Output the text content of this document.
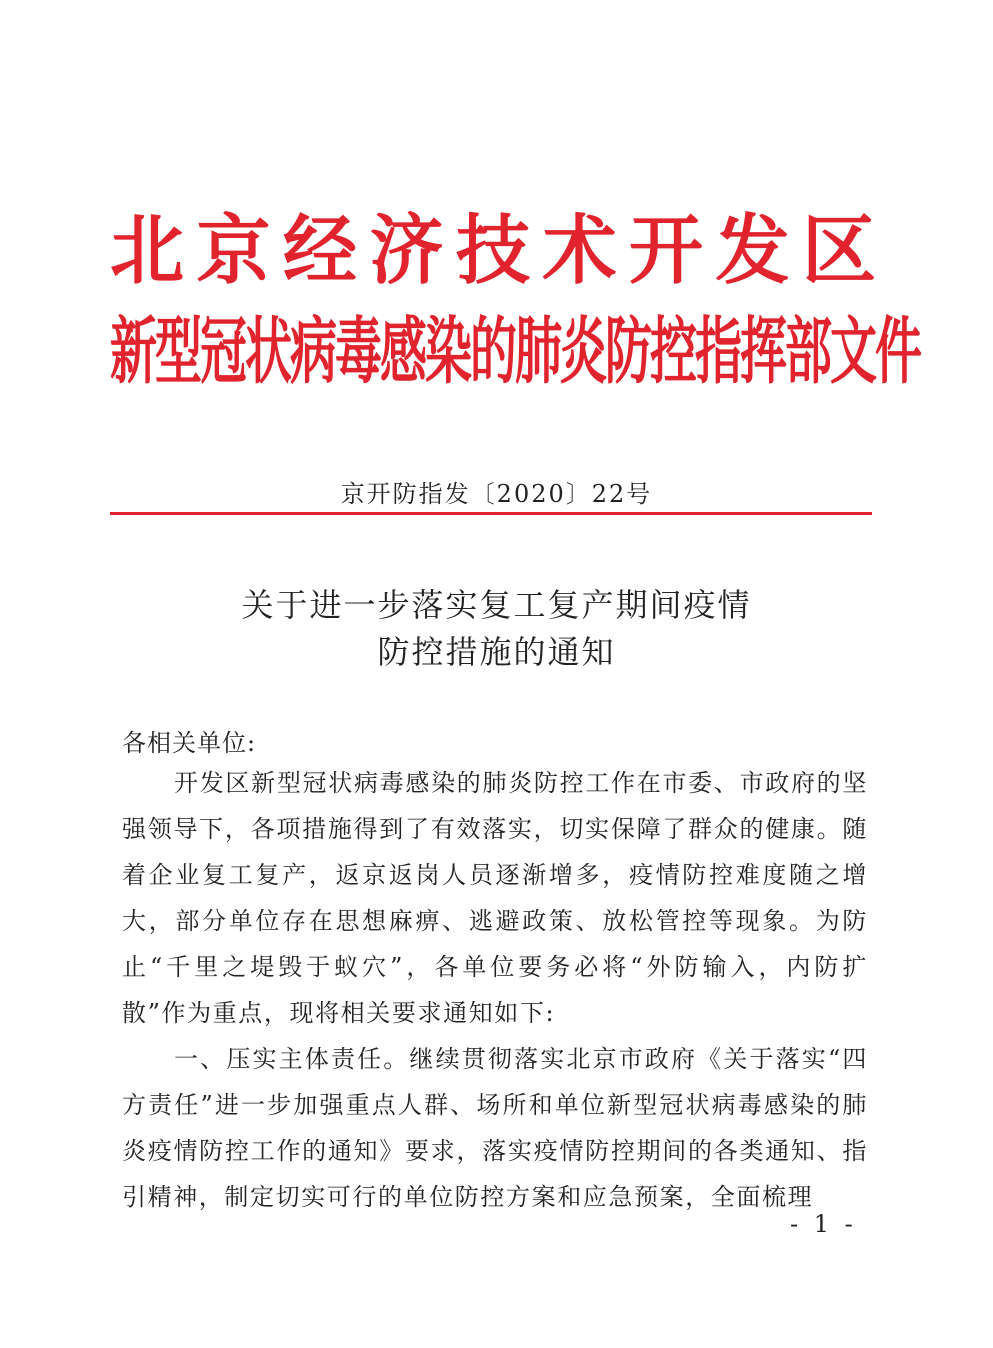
北京经济技术开发区
新型冠状病毒感染的肺炎防控指挥部文件
京开防指发〔2020〕22号
关于进一步落实复工复产期间疫情
防控措施的通知
各相关单位:

开发区新型冠状病毒感染的肺炎防控工作在市委、市政府的坚强领导下，各项措施得到了有效落实，切实保障了群众的健康。随着企业复工复产，返京返岗人员逐渐增多，疫情防控难度随之增大，部分单位存在思想麻痹、逃避政策、放松管控等现象。为防止“千里之堤毁于蚁穴”，各单位要务必将“外防输入，内防扩散”作为重点，现将相关要求通知如下:

一、压实主体责任。继续贯彻落实北京市政府《关于落实“四方责任”进一步加强重点人群、场所和单位新型冠状病毒感染的肺炎疫情防控工作的通知》要求，落实疫情防控期间的各类通知、指引精神，制定切实可行的单位防控方案和应急预案，全面梳理

- 1 -
